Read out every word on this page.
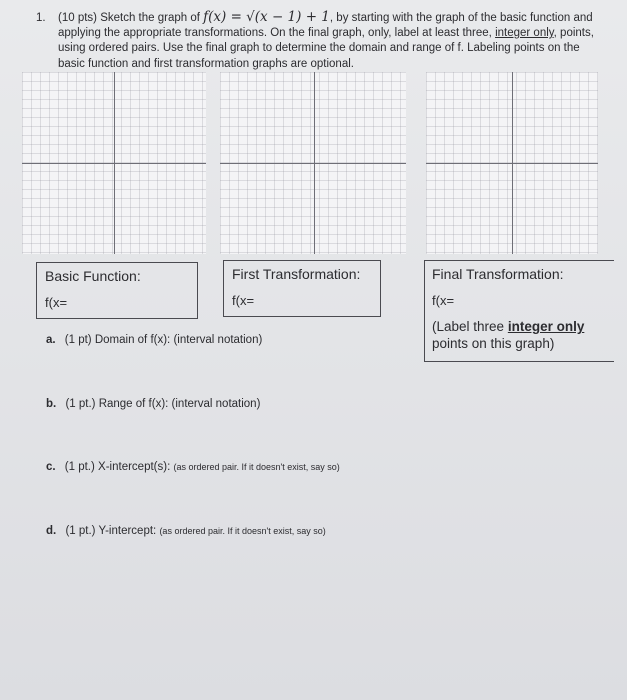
1. (10 pts) Sketch the graph of f(x) = √(x − 1) + 1, by starting with the graph of the basic function and applying the appropriate transformations. On the final graph, only, label at least three, integer only, points, using ordered pairs. Use the final graph to determine the domain and range of f. Labeling points on the basic function and first transformation graphs are optional.
Basic Function:
f(x=
First Transformation:
f(x=
Final Transformation:
f(x=
(Label three integer only
points on this graph)
a. (1 pt) Domain of f(x): (interval notation)
b. (1 pt.) Range of f(x): (interval notation)
c. (1 pt.) X-intercept(s): (as ordered pair. If it doesn't exist, say so)
d. (1 pt.) Y-intercept: (as ordered pair. If it doesn't exist, say so)
